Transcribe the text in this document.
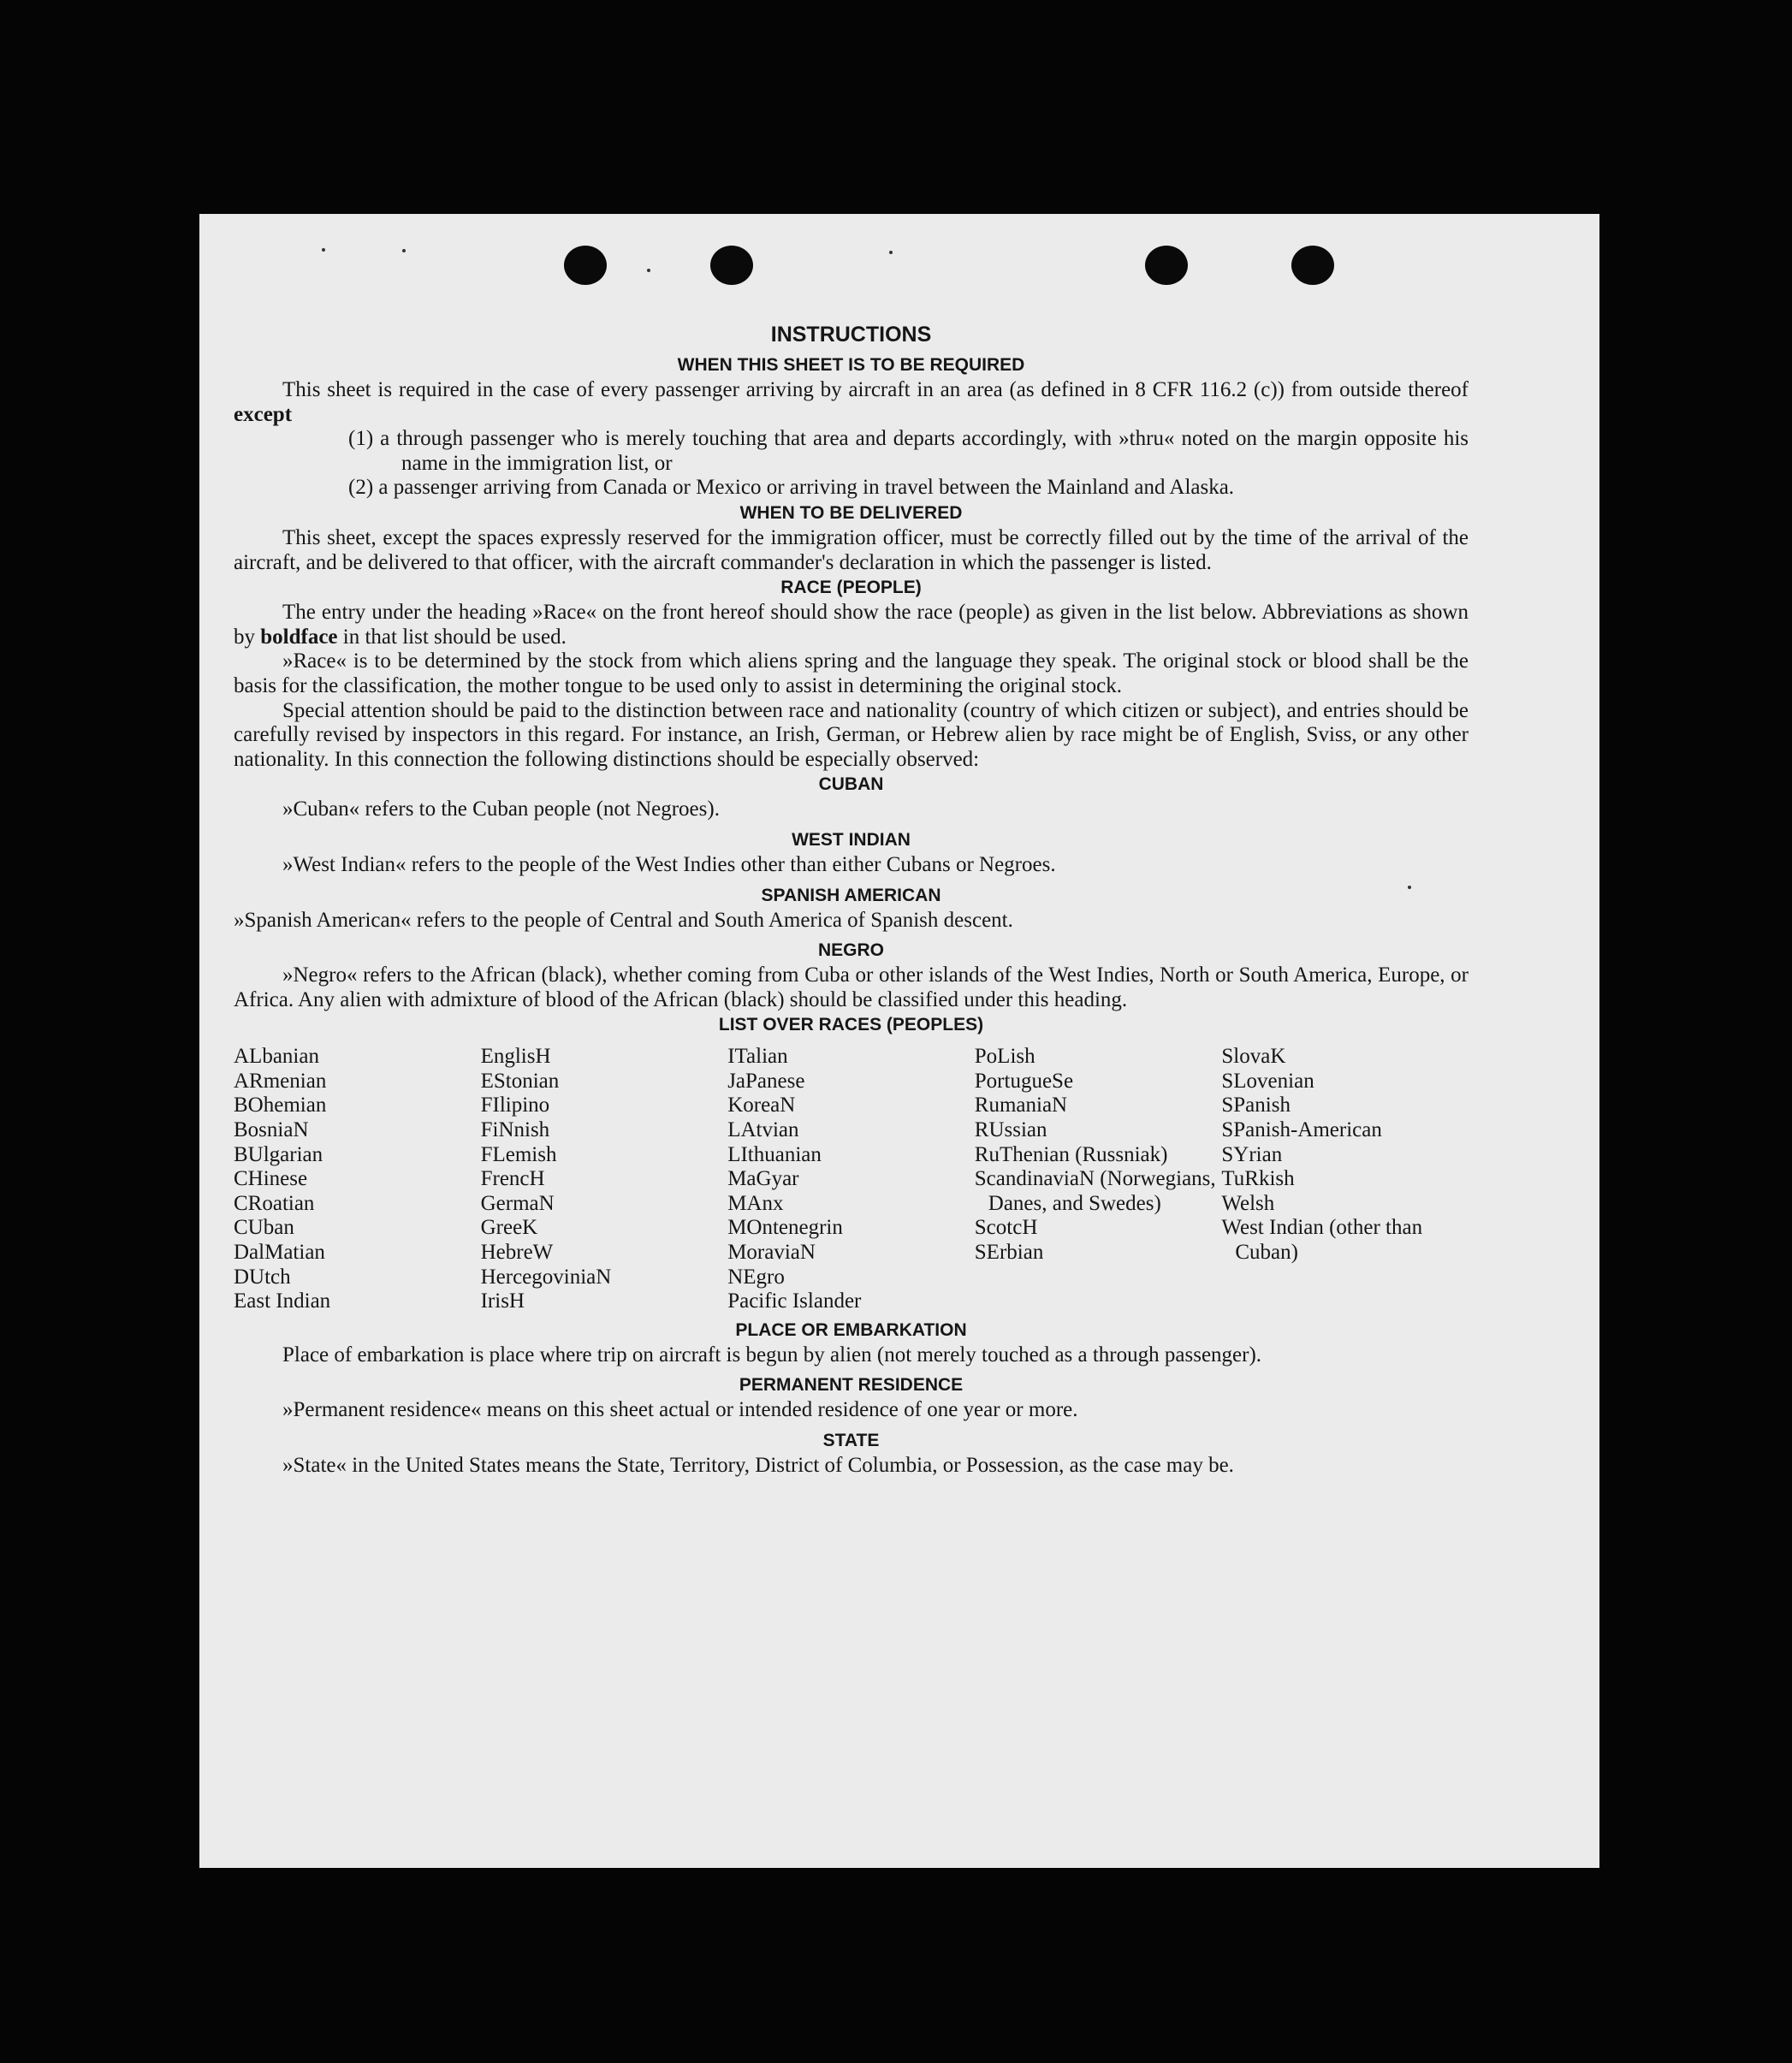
INSTRUCTIONS
WHEN THIS SHEET IS TO BE REQUIRED

This sheet is required in the case of every passenger arriving by aircraft in an area (as defined in 8 CFR 116.2 (c)) from outside thereof except

(1) a through passenger who is merely touching that area and departs accordingly, with »thru« noted on the margin opposite his name in the immigration list, or

(2) a passenger arriving from Canada or Mexico or arriving in travel between the Mainland and Alaska.

WHEN TO BE DELIVERED

This sheet, except the spaces expressly reserved for the immigration officer, must be correctly filled out by the time of the arrival of the aircraft, and be delivered to that officer, with the aircraft commander's declaration in which the passenger is listed.

RACE (PEOPLE)

The entry under the heading »Race« on the front hereof should show the race (people) as given in the list below. Abbreviations as shown by boldface in that list should be used.

»Race« is to be determined by the stock from which aliens spring and the language they speak. The original stock or blood shall be the basis for the classification, the mother tongue to be used only to assist in determining the original stock.

Special attention should be paid to the distinction between race and nationality (country of which citizen or subject), and entries should be carefully revised by inspectors in this regard. For instance, an Irish, German, or Hebrew alien by race might be of English, Sviss, or any other nationality. In this connection the following distinctions should be especially observed:

CUBAN

»Cuban« refers to the Cuban people (not Negroes).

WEST INDIAN

»West Indian« refers to the people of the West Indies other than either Cubans or Negroes.

SPANISH AMERICAN

»Spanish American« refers to the people of Central and South America of Spanish descent.

NEGRO

»Negro« refers to the African (black), whether coming from Cuba or other islands of the West Indies, North or South America, Europe, or Africa. Any alien with admixture of blood of the African (black) should be classified under this heading.

LIST OVER RACES (PEOPLES)
ALbanian
ARmenian
BOhemian
BosniaN
BUlgarian
CHinese
CRoatian
CUban
DalMatian
DUtch
East Indian
EnglisH
EStonian
FIlipino
FiNnish
FLemish
FrencH
GermaN
GreeK
HebreW
HercegoviniaN
IrisH
ITalian
JaPanese
KoreaN
LAtvian
LIthuanian
MaGyar
MAnx
MOntenegrin
MoraviaN
NEgro
Pacific Islander
PoLish
PortugueSe
RumaniaN
RUssian
RuThenian (Russniak)
ScandinaviaN (Norwegians, Danes, and Swedes)
ScotcH
SErbian
SlovaK
SLovenian
SPanish
SPanish-American
SYrian
TuRkish
Welsh
West Indian (other than Cuban)
PLACE OR EMBARKATION

Place of embarkation is place where trip on aircraft is begun by alien (not merely touched as a through passenger).

PERMANENT RESIDENCE

»Permanent residence« means on this sheet actual or intended residence of one year or more.

STATE

»State« in the United States means the State, Territory, District of Columbia, or Possession, as the case may be.
